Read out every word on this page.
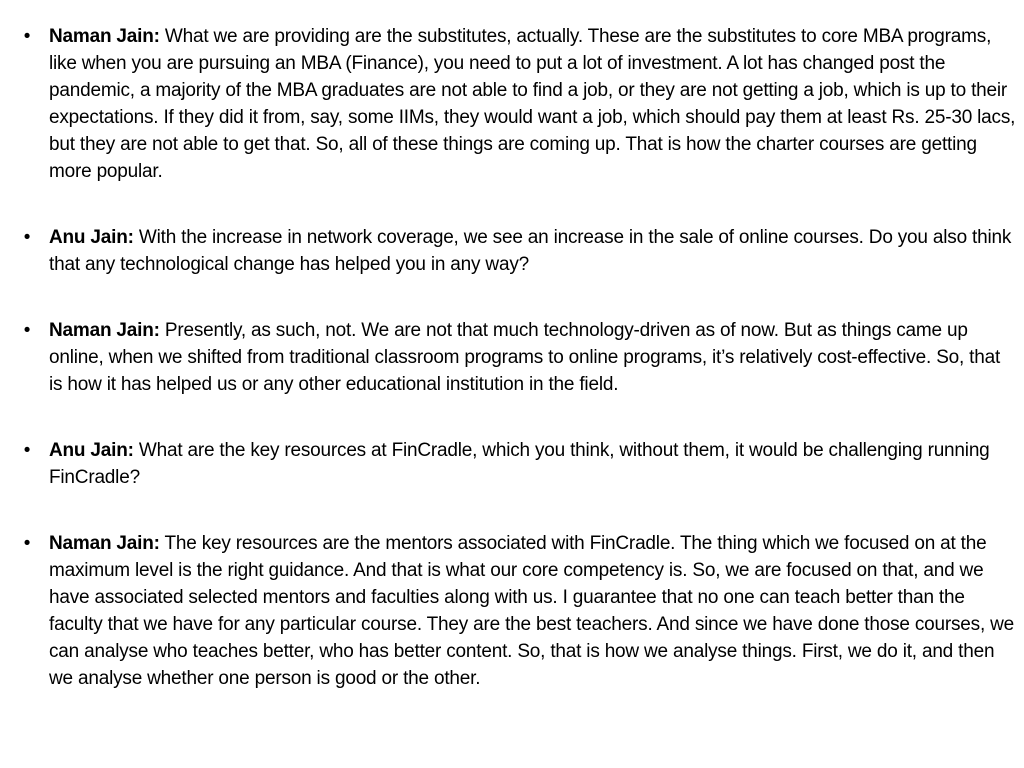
• Naman Jain: What we are providing are the substitutes, actually. These are the substitutes to core MBA programs, like when you are pursuing an MBA (Finance), you need to put a lot of investment. A lot has changed post the pandemic, a majority of the MBA graduates are not able to find a job, or they are not getting a job, which is up to their expectations. If they did it from, say, some IIMs, they would want a job, which should pay them at least Rs. 25-30 lacs, but they are not able to get that. So, all of these things are coming up. That is how the charter courses are getting more popular.
• Anu Jain: With the increase in network coverage, we see an increase in the sale of online courses. Do you also think that any technological change has helped you in any way?
• Naman Jain: Presently, as such, not. We are not that much technology-driven as of now. But as things came up online, when we shifted from traditional classroom programs to online programs, it’s relatively cost-effective. So, that is how it has helped us or any other educational institution in the field.
• Anu Jain: What are the key resources at FinCradle, which you think, without them, it would be challenging running FinCradle?
• Naman Jain: The key resources are the mentors associated with FinCradle. The thing which we focused on at the maximum level is the right guidance. And that is what our core competency is. So, we are focused on that, and we have associated selected mentors and faculties along with us. I guarantee that no one can teach better than the faculty that we have for any particular course. They are the best teachers. And since we have done those courses, we can analyse who teaches better, who has better content. So, that is how we analyse things. First, we do it, and then we analyse whether one person is good or the other.
